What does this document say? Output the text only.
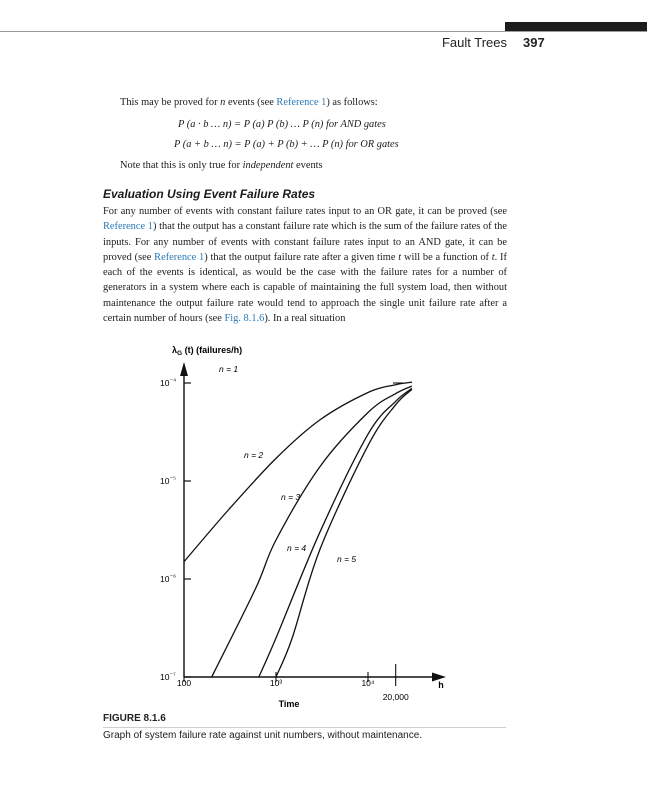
Fault Trees 397
This may be proved for n events (see Reference 1) as follows:
P (a · b … n) = P (a) P (b) … P (n) for AND gates
P (a + b … n) = P (a) + P (b) + … P (n) for OR gates
Note that this is only true for independent events
Evaluation Using Event Failure Rates
For any number of events with constant failure rates input to an OR gate, it can be proved (see Reference 1) that the output has a constant failure rate which is the sum of the failure rates of the inputs. For any number of events with constant failure rates input to an AND gate, it can be proved (see Reference 1) that the output failure rate after a given time t will be a function of t. If each of the events is identical, as would be the case with the failure rates for a number of generators in a system where each is capable of maintaining the full system load, then without maintenance the output failure rate would tend to approach the single unit failure rate after a certain number of hours (see Fig. 8.1.6). In a real situation
$10^{^{-4}}$
$10^{^{-5}}$
$10^{^{-6}}$
$10^{^{-7}}$
100	10³	10⁴
20,000
n = 1
n = 2
n = 3
n = 4
n = 5
$\lambda_G$ (t) (failures/h)
Time
h
FIGURE 8.1.6
Graph of system failure rate against unit numbers, without maintenance.
